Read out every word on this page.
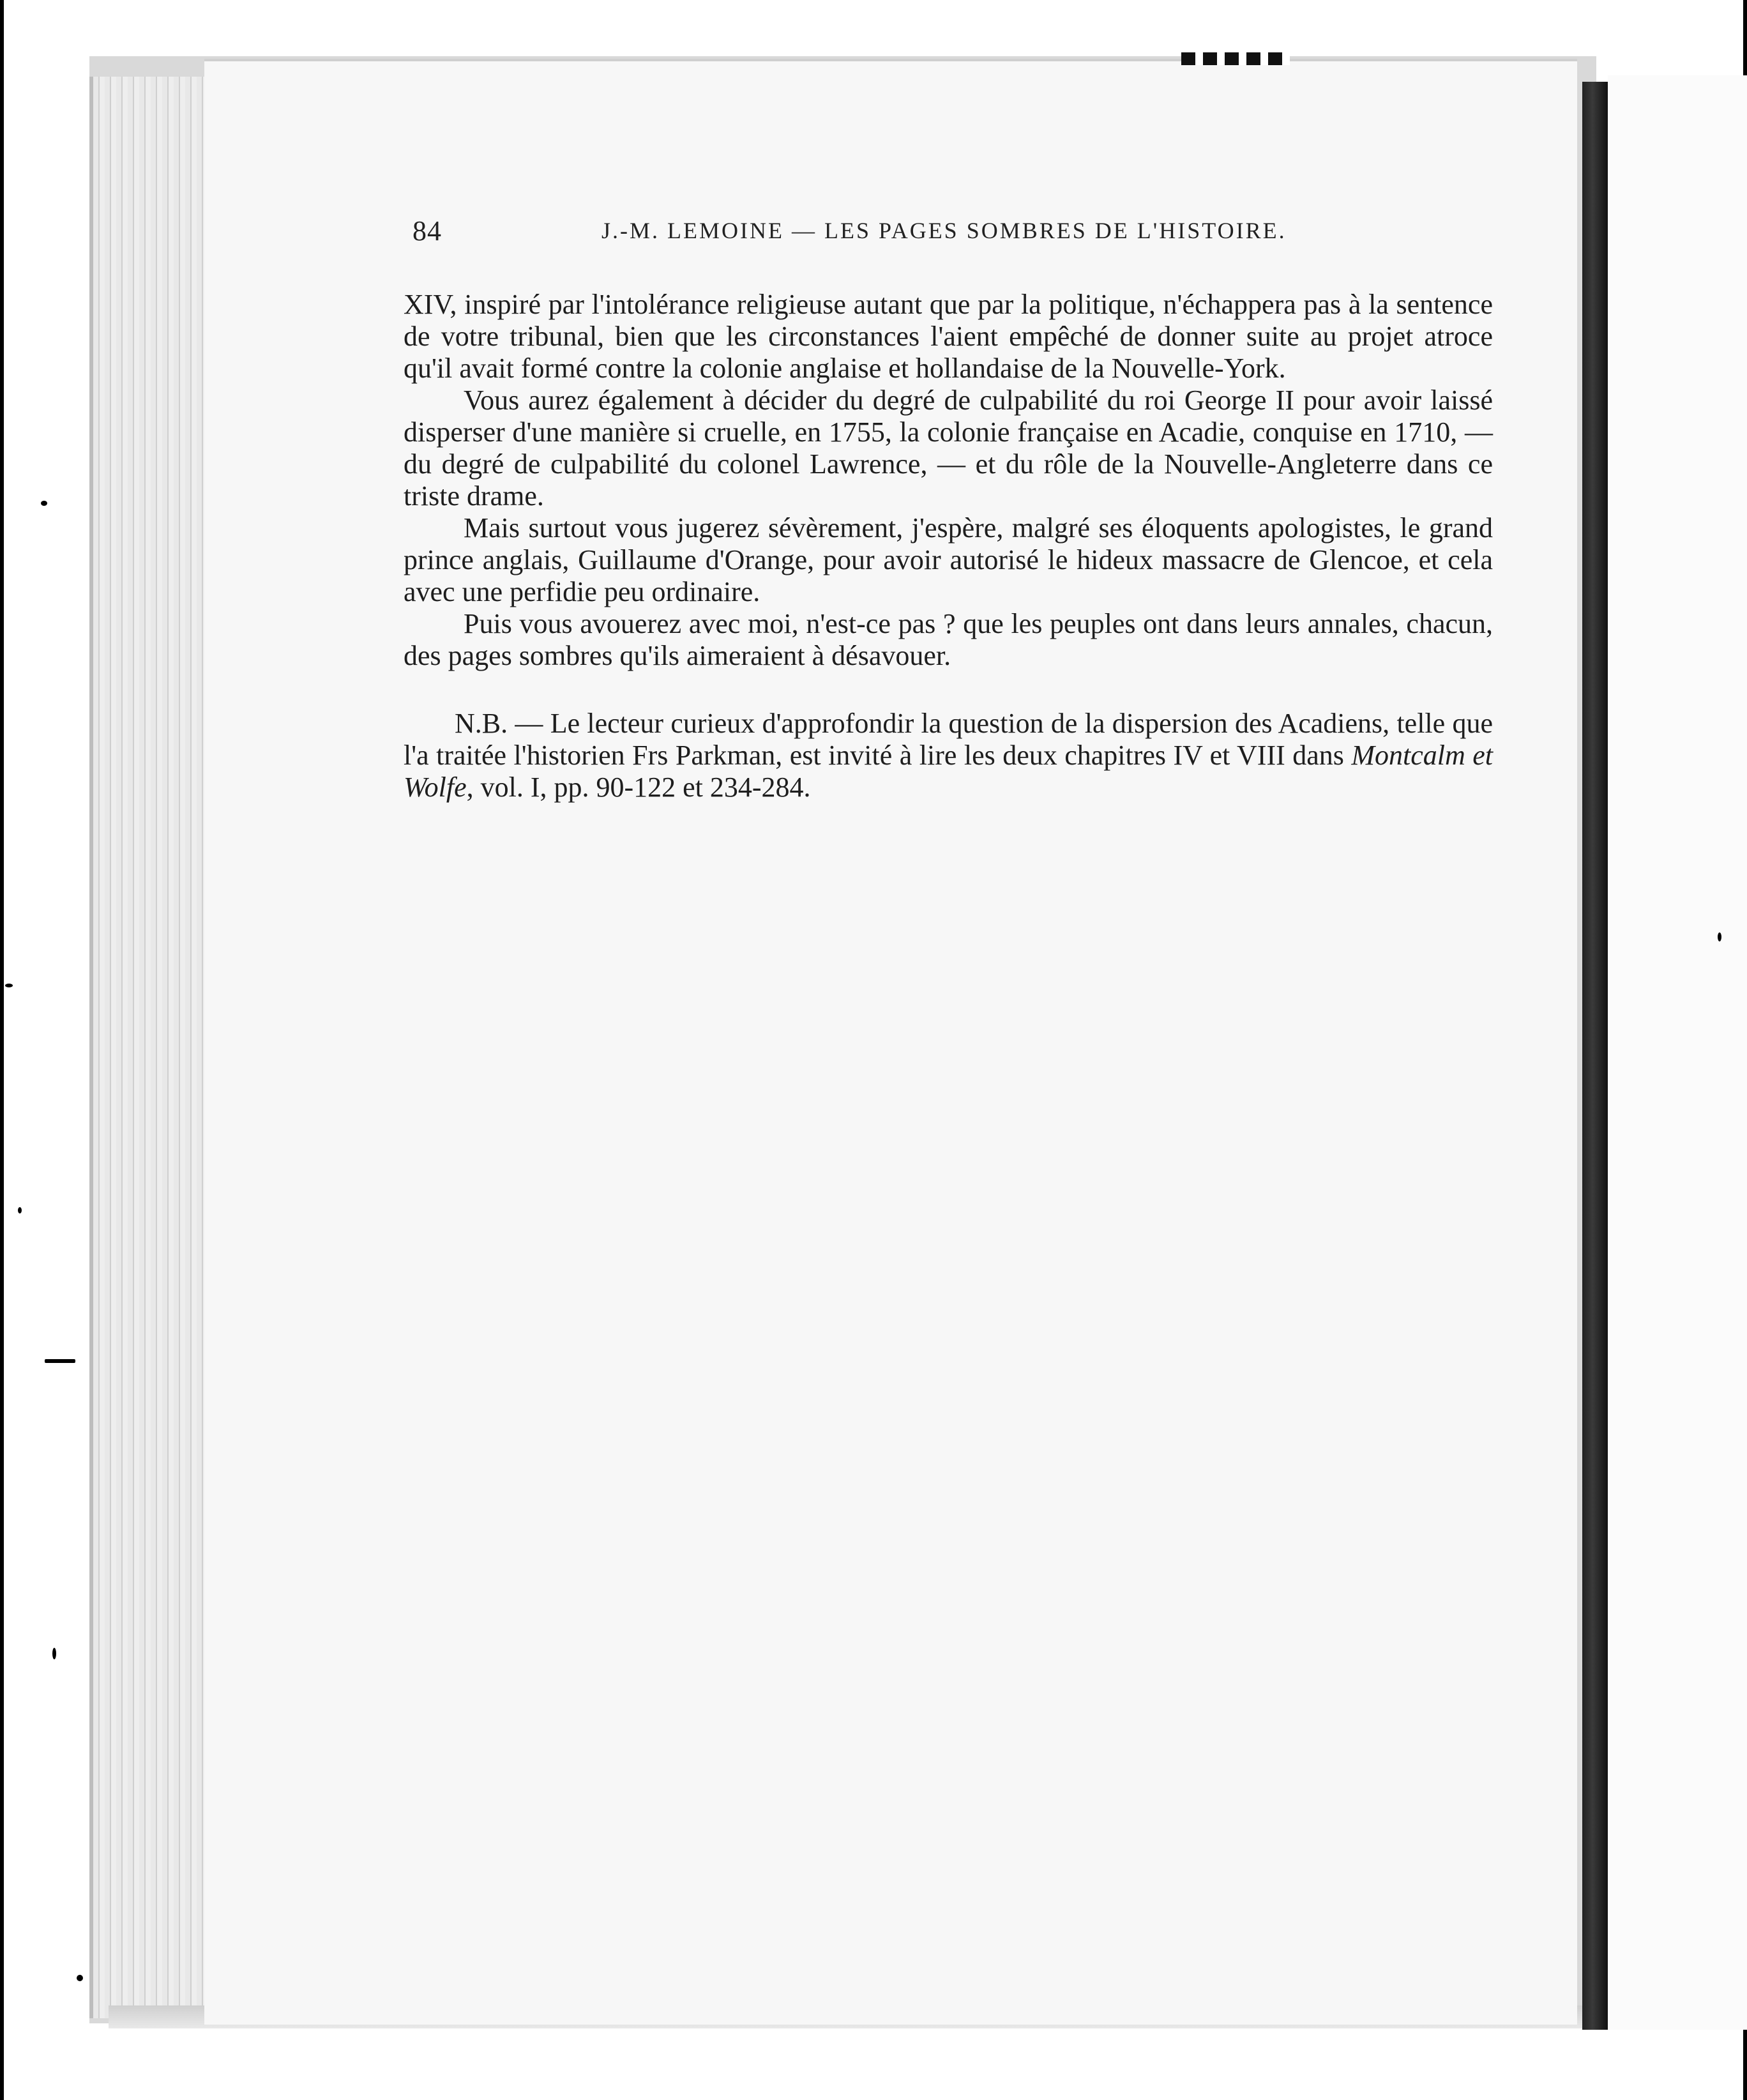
84	J.-M. LEMOINE — LES PAGES SOMBRES DE L'HISTOIRE.

XIV, inspiré par l'intolérance religieuse autant que par la politique, n'échappera pas à la sentence de votre tribunal, bien que les circonstances l'aient empêché de donner suite au projet atroce qu'il avait formé contre la colonie anglaise et hollandaise de la Nouvelle-York.

Vous aurez également à décider du degré de culpabilité du roi George II pour avoir laissé disperser d'une manière si cruelle, en 1755, la colonie française en Acadie, conquise en 1710, — du degré de culpabilité du colonel Lawrence, — et du rôle de la Nouvelle-Angleterre dans ce triste drame.

Mais surtout vous jugerez sévèrement, j'espère, malgré ses éloquents apologistes, le grand prince anglais, Guillaume d'Orange, pour avoir autorisé le hideux massacre de Glencoe, et cela avec une perfidie peu ordinaire.

Puis vous avouerez avec moi, n'est-ce pas ? que les peuples ont dans leurs annales, chacun, des pages sombres qu'ils aimeraient à désavouer.

N.B. — Le lecteur curieux d'approfondir la question de la dispersion des Acadiens, telle que l'a traitée l'historien Frs Parkman, est invité à lire les deux chapitres IV et VIII dans Montcalm et Wolfe, vol. I, pp. 90-122 et 234-284.
